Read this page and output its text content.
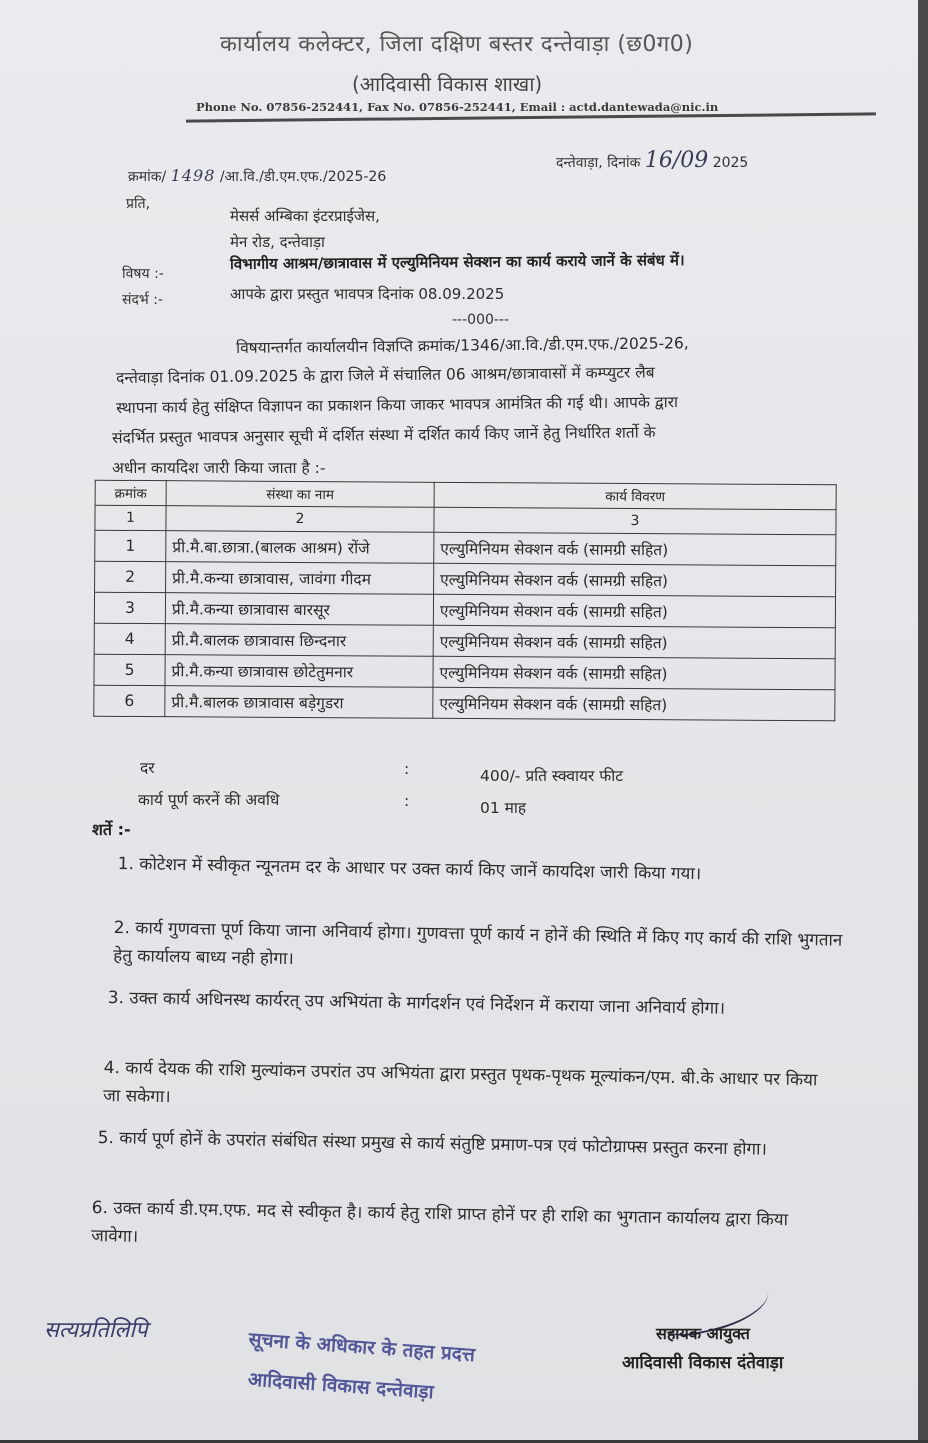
कार्यालय कलेक्टर, जिला दक्षिण बस्तर दन्तेवाड़ा (छ0ग0)
(आदिवासी विकास शाखा)
Phone No. 07856-252441, Fax No. 07856-252441, Email : actd.dantewada@nic.in
क्रमांक/ 1498 /आ.वि./डी.एम.एफ./2025-26
दन्तेवाड़ा, दिनांक 16/09 2025
प्रति,
मेसर्स अम्बिका इंटरप्राईजेस,
मेन रोड, दन्तेवाड़ा
विषय :-
विभागीय आश्रम/छात्रावास में एल्युमिनियम सेक्शन का कार्य कराये जानें के संबंध में।
संदर्भ :-	आपके द्वारा प्रस्तुत भावपत्र दिनांक 08.09.2025
---000---
विषयान्तर्गत कार्यालयीन विज्ञप्ति क्रमांक/1346/आ.वि./डी.एम.एफ./2025-26,
दन्तेवाड़ा दिनांक 01.09.2025 के द्वारा जिले में संचालित 06 आश्रम/छात्रावासों में कम्प्युटर लैब
स्थापना कार्य हेतु संक्षिप्त विज्ञापन का प्रकाशन किया जाकर भावपत्र आमंत्रित की गई थी। आपके द्वारा
संदर्भित प्रस्तुत भावपत्र अनुसार सूची में दर्शित संस्था में दर्शित कार्य किए जानें हेतु निर्धारित शर्तो के
अधीन कायदिश जारी किया जाता है :-
क्रमांक	संस्था का नाम	कार्य विवरण
1	2	3
1	प्री.मै.बा.छात्रा.(बालक आश्रम) रोंजे	एल्युमिनियम सेक्शन वर्क (सामग्री सहित)
2	प्री.मै.कन्या छात्रावास, जावंगा गीदम	एल्युमिनियम सेक्शन वर्क (सामग्री सहित)
3	प्री.मै.कन्या छात्रावास बारसूर	एल्युमिनियम सेक्शन वर्क (सामग्री सहित)
4	प्री.मै.बालक छात्रावास छिन्दनार	एल्युमिनियम सेक्शन वर्क (सामग्री सहित)
5	प्री.मै.कन्या छात्रावास छोटेतुमनार	एल्युमिनियम सेक्शन वर्क (सामग्री सहित)
6	प्री.मै.बालक छात्रावास बड़ेगुडरा	एल्युमिनियम सेक्शन वर्क (सामग्री सहित)
दर	:	400/- प्रति स्क्वायर फीट
कार्य पूर्ण करनें की अवधि	:	01 माह
शर्ते :-
1. कोटेशन में स्वीकृत न्यूनतम दर के आधार पर उक्त कार्य किए जानें कायदिश जारी किया गया।
2. कार्य गुणवत्ता पूर्ण किया जाना अनिवार्य होगा। गुणवत्ता पूर्ण कार्य न होनें की स्थिति में किए गए कार्य की राशि भुगतान हेतु कार्यालय बाध्य नही होगा।
3. उक्त कार्य अधिनस्थ कार्यरत् उप अभियंता के मार्गदर्शन एवं निर्देशन में कराया जाना अनिवार्य होगा।
4. कार्य देयक की राशि मुल्यांकन उपरांत उप अभियंता द्वारा प्रस्तुत पृथक-पृथक मूल्यांकन/एम. बी.के आधार पर किया जा सकेगा।
5. कार्य पूर्ण होनें के उपरांत संबंधित संस्था प्रमुख से कार्य संतुष्टि प्रमाण-पत्र एवं फोटोग्राफ्स प्रस्तुत करना होगा।
6. उक्त कार्य डी.एम.एफ. मद से स्वीकृत है। कार्य हेतु राशि प्राप्त होनें पर ही राशि का भुगतान कार्यालय द्वारा किया जावेगा।
सत्यप्रतिलिपि	सहायक आयुक्त
आदिवासी विकास दंतेवाड़ा
सूचना के अधिकार के तहत प्रदत्त
आदिवासी विकास दन्तेवाड़ा
